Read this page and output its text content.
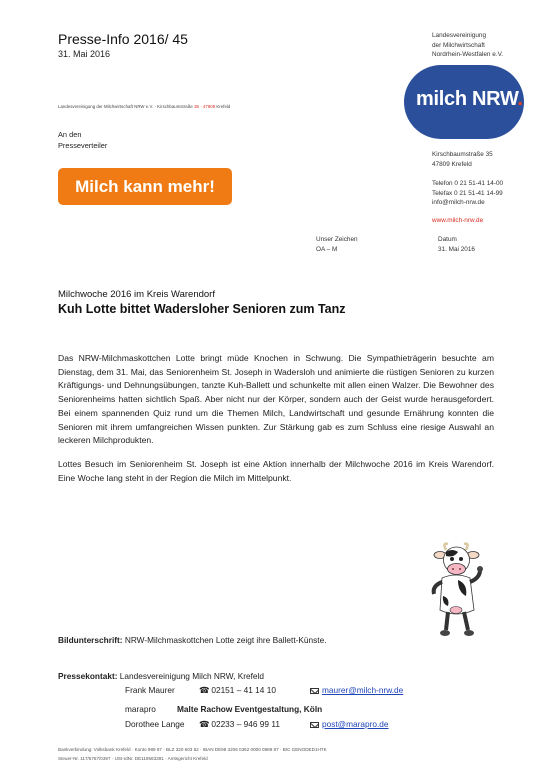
Presse-Info 2016/ 45
31. Mai 2016
Landesvereinigung
der Milchwirtschaft
Nordrhein-Westfalen e.V.
milch NRW.
Landesvereinigung der Milchwirtschaft NRW e.V. · Kirschbaumstraße 35 · 47809 Krefeld
An den
Presseverteiler
Kirschbaumstraße 35
47809 Krefeld
Telefon 0 21 51-41 14-00
Telefax 0 21 51-41 14-99
info@milch-nrw.de
www.milch-nrw.de
Milch kann mehr!
Unser Zeichen
OA – M
Datum
31. Mai 2016
Milchwoche 2016 im Kreis Warendorf
Kuh Lotte bittet Wadersloher Senioren zum Tanz

Das NRW-Milchmaskottchen Lotte bringt müde Knochen in Schwung. Die Sympathieträgerin besuchte am Dienstag, dem 31. Mai, das Seniorenheim St. Joseph in Wadersloh und animierte die rüstigen Senioren zu kurzen Kräftigungs- und Dehnungsübungen, tanzte Kuh-Ballett und schunkelte mit allen einen Walzer. Die Bewohner des Seniorenheims hatten sichtlich Spaß. Aber nicht nur der Körper, sondern auch der Geist wurde herausgefordert. Bei einem spannenden Quiz rund um die Themen Milch, Landwirtschaft und gesunde Ernährung konnten die Senioren mit ihrem umfangreichen Wissen punkten. Zur Stärkung gab es zum Schluss eine riesige Auswahl an leckeren Milchprodukten.

Lottes Besuch im Seniorenheim St. Joseph ist eine Aktion innerhalb der Milchwoche 2016 im Kreis Warendorf. Eine Woche lang steht in der Region die Milch im Mittelpunkt.

Bildunterschrift: NRW-Milchmaskottchen Lotte zeigt ihre Ballett-Künste.
Pressekontakt: Landesvereinigung Milch NRW, Krefeld
Frank Maurer	☎ 02151 – 41 14 10	maurer@milch-nrw.de
marapro	Malte Rachow Eventgestaltung, Köln
Dorothee Lange ☎ 02233 – 946 99 11	post@marapro.de
Bankverbindung: Volksbank Krefeld · Konto 989 87 · BLZ 320 603 62 · IBAN DE98 3206 0362 0000 0989 87 · BIC GENODED1HTK
Steuer-Nr. 117/5757/0397 · USt-IdNr. DE119563391 · Amtsgericht Krefeld
